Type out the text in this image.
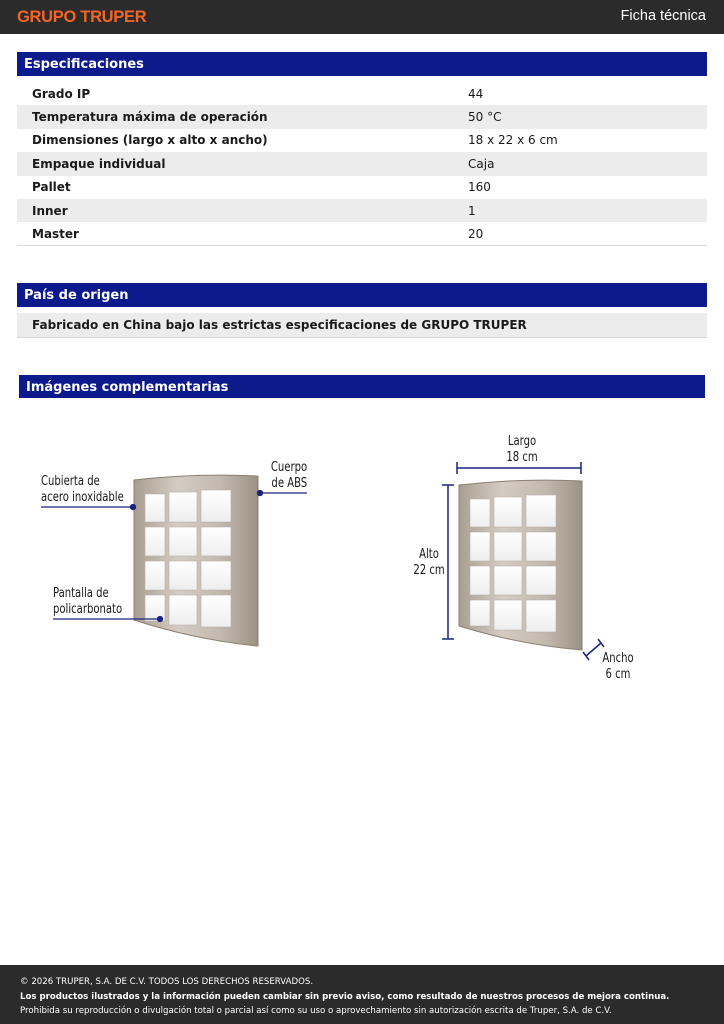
GRUPO TRUPER	Ficha técnica
Especificaciones
Grado IP	44
Temperatura máxima de operación	50 °C
Dimensiones (largo x alto x ancho)	18 x 22 x 6 cm
Empaque individual	Caja
Pallet	160
Inner	1
Master	20
País de origen
Fabricado en China bajo las estrictas especificaciones de GRUPO TRUPER
Imágenes complementarias
Cubierta de
acero inoxidable
Cuerpo
de ABS
Pantalla de
policarbonato
Largo
18 cm
Alto
22 cm
Ancho
6 cm
© 2026 TRUPER, S.A. DE C.V. TODOS LOS DERECHOS RESERVADOS.
Los productos ilustrados y la información pueden cambiar sin previo aviso, como resultado de nuestros procesos de mejora continua.
Prohibida su reproducción o divulgación total o parcial así como su uso o aprovechamiento sin autorización escrita de Truper, S.A. de C.V.
